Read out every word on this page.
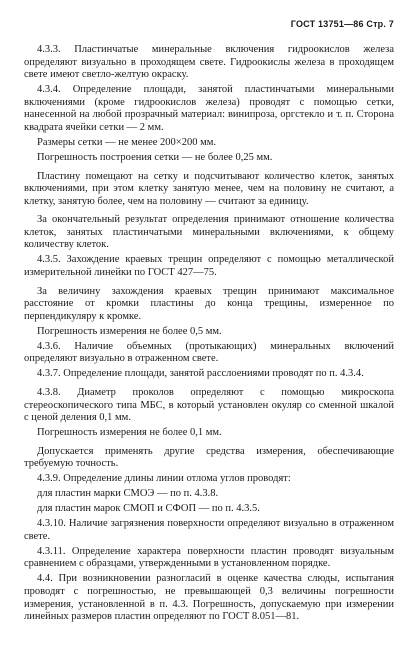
ГОСТ 13751—86 Стр. 7

4.3.3. Пластинчатые минеральные включения гидроокислов железа определяют визуально в проходящем свете. Гидроокислы железа в проходящем свете имеют светло-желтую окраску.

4.3.4. Определение площади, занятой пластинчатыми минеральными включениями (кроме гидроокислов железа) проводят с помощью сетки, нанесенной на любой прозрачный материал: винипроза, оргстекло и т. п. Сторона квадрата ячейки сетки — 2 мм.

Размеры сетки — не менее 200×200 мм.

Погрешность построения сетки — не более 0,25 мм.

Пластину помещают на сетку и подсчитывают количество клеток, занятых включениями, при этом клетку занятую менее, чем на половину не считают, а клетку, занятую более, чем на половину — считают за единицу.

За окончательный результат определения принимают отношение количества клеток, занятых пластинчатыми минеральными включениями, к общему количеству клеток.

4.3.5. Захождение краевых трещин определяют с помощью металлической измерительной линейки по ГОСТ 427—75.

За величину захождения краевых трещин принимают максимальное расстояние от кромки пластины до конца трещины, измеренное по перпендикуляру к кромке.

Погрешность измерения не более 0,5 мм.

4.3.6. Наличие объемных (протыкающих) минеральных включений определяют визуально в отраженном свете.

4.3.7. Определение площади, занятой расслоениями проводят по п. 4.3.4.

4.3.8. Диаметр проколов определяют с помощью микроскопа стереоскопического типа МБС, в который установлен окуляр со сменной шкалой с ценой деления 0,1 мм.

Погрешность измерения не более 0,1 мм.

Допускается применять другие средства измерения, обеспечивающие требуемую точность.

4.3.9. Определение длины линии отлома углов проводят:

для пластин марки СМОЭ — по п. 4.3.8.

для пластин марок СМОП и СФОП — по п. 4.3.5.

4.3.10. Наличие загрязнения поверхности определяют визуально в отраженном свете.

4.3.11. Определение характера поверхности пластин проводят визуальным сравнением с образцами, утвержденными в установленном порядке.

4.4. При возникновении разногласий в оценке качества слюды, испытания проводят с погрешностью, не превышающей 0,3 величины погрешности измерения, установленной в п. 4.3. Погрешность, допускаемую при измерении линейных размеров пластин определяют по ГОСТ 8.051—81.
